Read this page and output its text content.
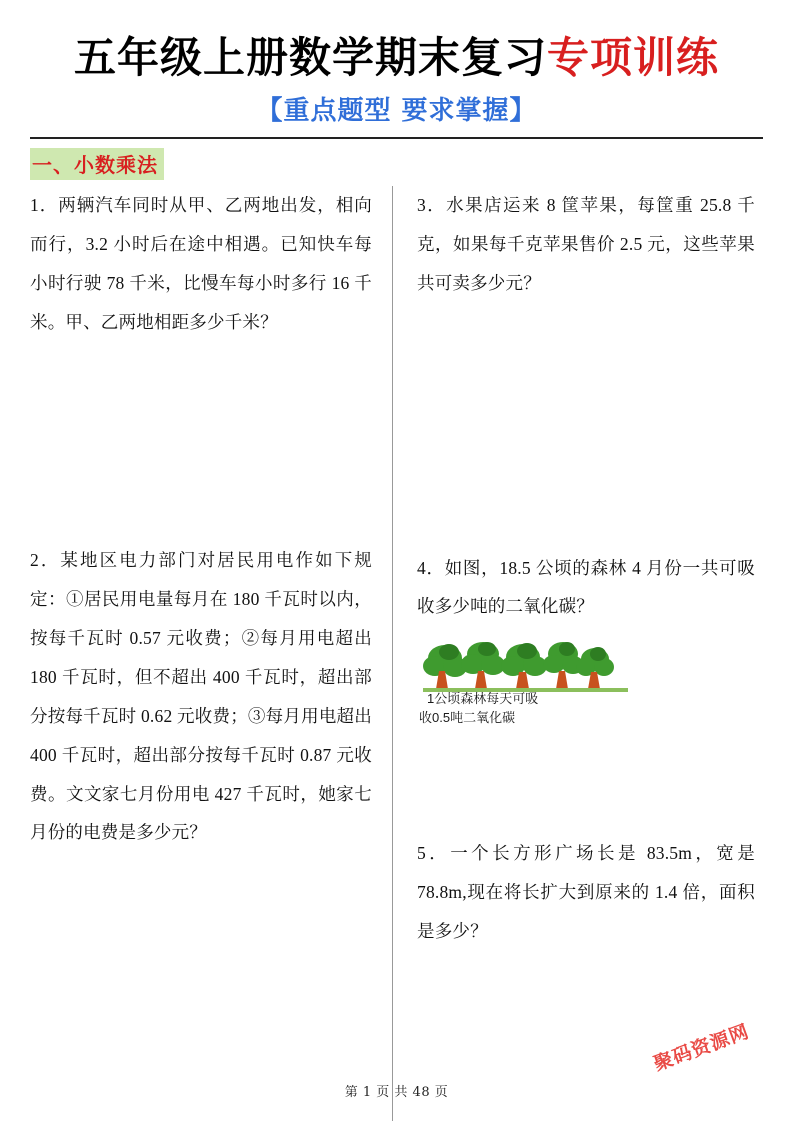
五年级上册数学期末复习专项训练
【重点题型 要求掌握】
一、小数乘法
1．两辆汽车同时从甲、乙两地出发，相向而行，3.2 小时后在途中相遇。已知快车每小时行驶 78 千米，比慢车每小时多行 16 千米。甲、乙两地相距多少千米？
2．某地区电力部门对居民用电作如下规定：①居民用电量每月在 180 千瓦时以内，按每千瓦时 0.57 元收费；②每月用电超出 180 千瓦时，但不超出 400 千瓦时，超出部分按每千瓦时 0.62 元收费；③每月用电超出 400 千瓦时，超出部分按每千瓦时 0.87 元收费。文文家七月份用电 427 千瓦时，她家七月份的电费是多少元？
3．水果店运来 8 筐苹果，每筐重 25.8 千克，如果每千克苹果售价 2.5 元，这些苹果共可卖多少元？
4．如图，18.5 公顷的森林 4 月份一共可吸收多少吨的二氧化碳？
1公顷森林每天可吸
收0.5吨二氧化碳
5．一个长方形广场长是 83.5m，宽是 78.8m,现在将长扩大到原来的 1.4 倍，面积是多少？
聚码资源网
第 1 页 共 48 页
